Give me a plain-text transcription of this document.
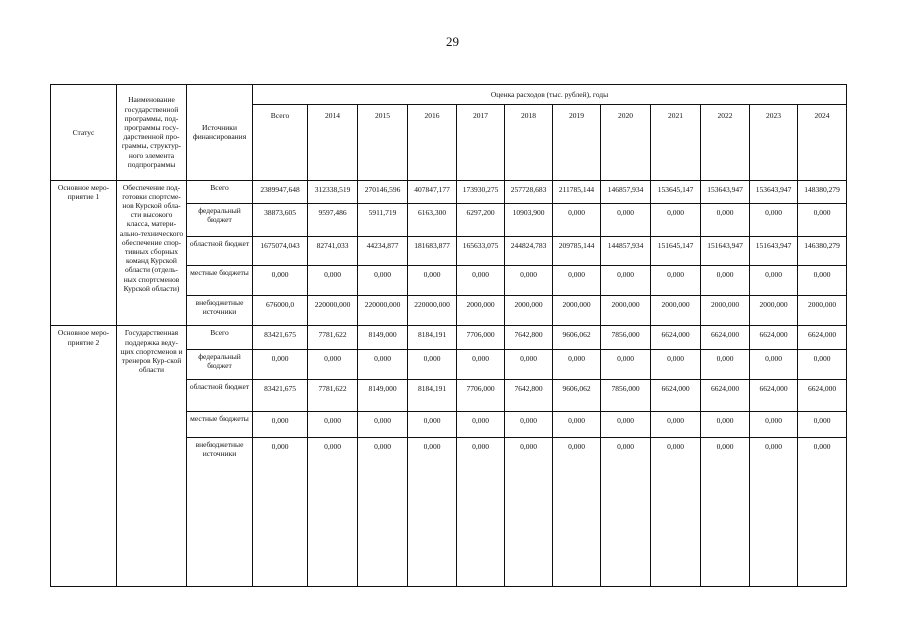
29
Статус	Наименование государственной программы, под-программы госу-дарственной про-граммы, структур-ного элемента подпрограммы	Источники финансирования	Оценка расходов (тыс. рублей), годы											
			Всего	2014	2015	2016	2017	2018	2019	2020	2021	2022	2023	2024
Основное меро-приятие 1	Обеспечение под-готовки спортсме-нов Курской обла-сти высокого класса, матери-ально-технического обеспечение спор-тивных сборных команд Курской области (отдель-ных спортсменов Курской области)	Всего	2389947,648	312338,519	270146,596	407847,177	173930,275	257728,683	211785,144	146857,934	153645,147	153643,947	153643,947	148380,279
		федеральный бюджет	38873,605	9597,486	5911,719	6163,300	6297,200	10903,900	0,000	0,000	0,000	0,000	0,000	0,000
		областной бюджет	1675074,043	82741,033	44234,877	181683,877	165633,075	244824,783	209785,144	144857,934	151645,147	151643,947	151643,947	146380,279
		местные бюджеты	0,000	0,000	0,000	0,000	0,000	0,000	0,000	0,000	0,000	0,000	0,000	0,000
		внебюджетные источники	676000,0	220000,000	220000,000	220000,000	2000,000	2000,000	2000,000	2000,000	2000,000	2000,000	2000,000	2000,000
Основное меро-приятие 2	Государственная поддержка веду-щих спортсменов и тренеров Кур-ской области	Всего	83421,675	7781,622	8149,000	8184,191	7706,000	7642,800	9606,062	7856,000	6624,000	6624,000	6624,000	6624,000
		федеральный бюджет	0,000	0,000	0,000	0,000	0,000	0,000	0,000	0,000	0,000	0,000	0,000	0,000
		областной бюджет	83421,675	7781,622	8149,000	8184,191	7706,000	7642,800	9606,062	7856,000	6624,000	6624,000	6624,000	6624,000
		местные бюджеты	0,000	0,000	0,000	0,000	0,000	0,000	0,000	0,000	0,000	0,000	0,000	0,000
		внебюджетные источники	0,000	0,000	0,000	0,000	0,000	0,000	0,000	0,000	0,000	0,000	0,000	0,000
